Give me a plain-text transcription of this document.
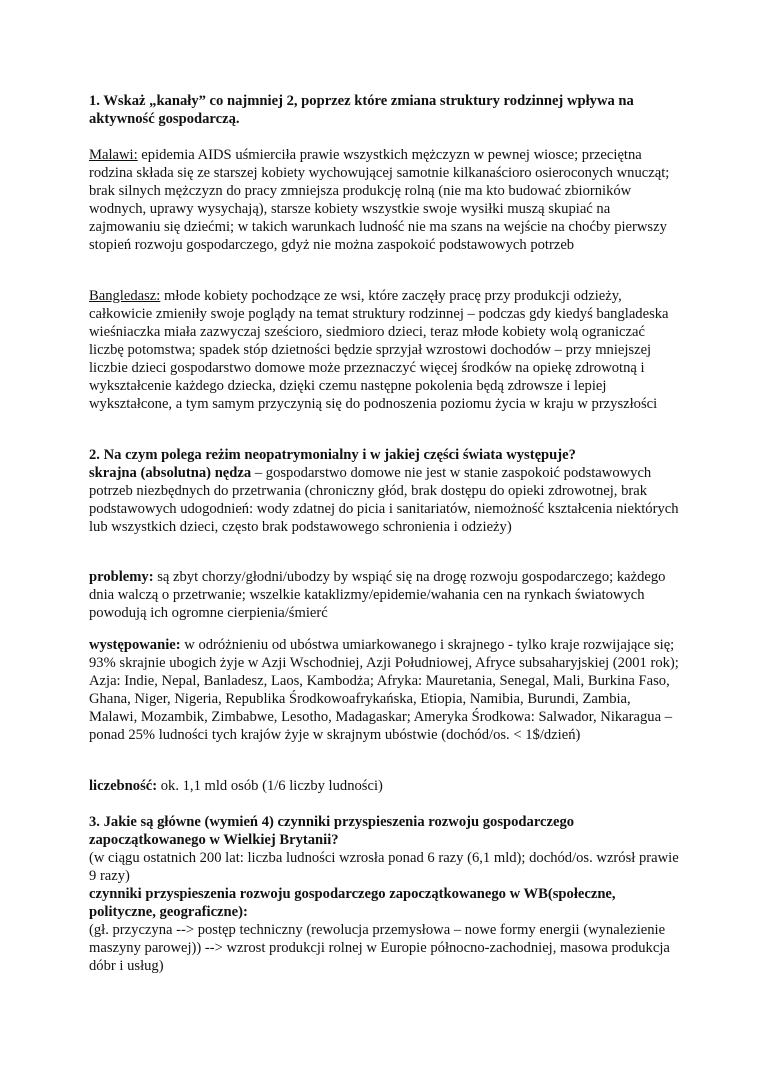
1. Wskaż „kanały” co najmniej 2, poprzez które zmiana struktury rodzinnej wpływa na
aktywność gospodarczą.

Malawi: epidemia AIDS uśmierciła prawie wszystkich mężczyzn w pewnej wiosce; przeciętna rodzina składa się ze starszej kobiety wychowującej samotnie kilkanaścioro osieroconych wnucząt; brak silnych mężczyzn do pracy zmniejsza produkcję rolną (nie ma kto budować zbiorników wodnych, uprawy wysychają), starsze kobiety wszystkie swoje wysiłki muszą skupiać na zajmowaniu się dziećmi; w takich warunkach ludność nie ma szans na wejście na choćby pierwszy stopień rozwoju gospodarczego, gdyż nie można zaspokoić podstawowych potrzeb

Bangledasz: młode kobiety pochodzące ze wsi, które zaczęły pracę przy produkcji odzieży, całkowicie zmieniły swoje poglądy na temat struktury rodzinnej – podczas gdy kiedyś bangladeska wieśniaczka miała zazwyczaj sześcioro, siedmioro dzieci, teraz młode kobiety wolą ograniczać liczbę potomstwa; spadek stóp dzietności będzie sprzyjał wzrostowi dochodów – przy mniejszej liczbie dzieci gospodarstwo domowe może przeznaczyć więcej środków na opiekę zdrowotną i wykształcenie każdego dziecka, dzięki czemu następne pokolenia będą zdrowsze i lepiej wykształcone, a tym samym przyczynią się do podnoszenia poziomu życia w kraju w przyszłości

2. Na czym polega reżim neopatrymonialny i w jakiej części świata występuje?

skrajna (absolutna) nędza – gospodarstwo domowe nie jest w stanie zaspokoić podstawowych potrzeb niezbędnych do przetrwania (chroniczny głód, brak dostępu do opieki zdrowotnej, brak podstawowych udogodnień: wody zdatnej do picia i sanitariatów, niemożność kształcenia niektórych lub wszystkich dzieci, często brak podstawowego schronienia i odzieży)

problemy: są zbyt chorzy/głodni/ubodzy by wspiąć się na drogę rozwoju gospodarczego; każdego dnia walczą o przetrwanie; wszelkie kataklizmy/epidemie/wahania cen na rynkach światowych powodują ich ogromne cierpienia/śmierć

występowanie: w odróżnieniu od ubóstwa umiarkowanego i skrajnego - tylko kraje rozwijające się; 93% skrajnie ubogich żyje w Azji Wschodniej, Azji Południowej, Afryce subsaharyjskiej (2001 rok); Azja: Indie, Nepal, Banladesz, Laos, Kambodża; Afryka: Mauretania, Senegal, Mali, Burkina Faso, Ghana, Niger, Nigeria, Republika Środkowoafrykańska, Etiopia, Namibia, Burundi, Zambia, Malawi, Mozambik, Zimbabwe, Lesotho, Madagaskar; Ameryka Środkowa: Salwador, Nikaragua – ponad 25% ludności tych krajów żyje w skrajnym ubóstwie (dochód/os. < 1$/dzień)

liczebność: ok. 1,1 mld osób (1/6 liczby ludności)

3. Jakie są główne (wymień 4) czynniki przyspieszenia rozwoju gospodarczego zapoczątkowanego w Wielkiej Brytanii?

(w ciągu ostatnich 200 lat: liczba ludności wzrosła ponad 6 razy (6,1 mld); dochód/os. wzrósł prawie 9 razy)

czynniki przyspieszenia rozwoju gospodarczego zapoczątkowanego w WB(społeczne, polityczne, geograficzne):

(gł. przyczyna --> postęp techniczny (rewolucja przemysłowa – nowe formy energii (wynalezienie maszyny parowej)) --> wzrost produkcji rolnej w Europie północno-zachodniej, masowa produkcja dóbr i usług)
